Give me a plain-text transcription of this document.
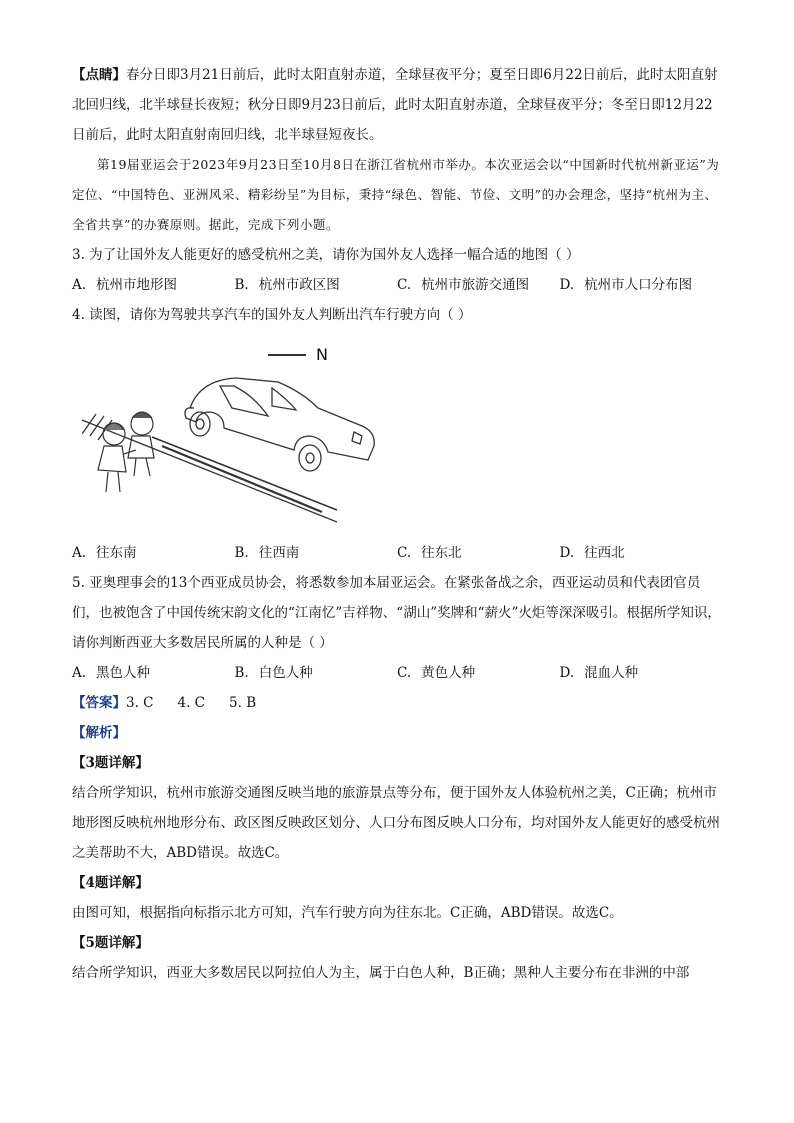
【点睛】春分日即3月21日前后，此时太阳直射赤道，全球昼夜平分；夏至日即6月22日前后，此时太阳直射北回归线，北半球昼长夜短；秋分日即9月23日前后，此时太阳直射赤道，全球昼夜平分；冬至日即12月22日前后，此时太阳直射南回归线，北半球昼短夜长。

第19届亚运会于2023年9月23日至10月8日在浙江省杭州市举办。本次亚运会以“中国新时代杭州新亚运”为定位、“中国特色、亚洲风采、精彩纷呈”为目标，秉持“绿色、智能、节俭、文明”的办会理念，坚持“杭州为主、全省共享”的办赛原则。据此，完成下列小题。

3. 为了让国外友人能更好的感受杭州之美，请你为国外友人选择一幅合适的地图（ ）

A. 杭州市地形图	B. 杭州市政区图	C. 杭州市旅游交通图	D. 杭州市人口分布图

4. 读图，请你为驾驶共享汽车的国外友人判断出汽车行驶方向（ ）

N
A. 往东南	B. 往西南	C. 往东北	D. 往西北

5. 亚奥理事会的13个西亚成员协会，将悉数参加本届亚运会。在紧张备战之余，西亚运动员和代表团官员们，也被饱含了中国传统宋韵文化的“江南忆”吉祥物、“湖山”奖牌和“薪火”火炬等深深吸引。根据所学知识，请你判断西亚大多数居民所属的人种是（ ）

A. 黑色人种	B. 白色人种	C. 黄色人种	D. 混血人种

【答案】3. C 4. C 5. B

【解析】

【3题详解】

结合所学知识，杭州市旅游交通图反映当地的旅游景点等分布，便于国外友人体验杭州之美，C正确；杭州市地形图反映杭州地形分布、政区图反映政区划分、人口分布图反映人口分布，均对国外友人能更好的感受杭州之美帮助不大，ABD错误。故选C。

【4题详解】

由图可知，根据指向标指示北方可知，汽车行驶方向为往东北。C正确，ABD错误。故选C。

【5题详解】

结合所学知识，西亚大多数居民以阿拉伯人为主，属于白色人种，B正确；黑种人主要分布在非洲的中部
